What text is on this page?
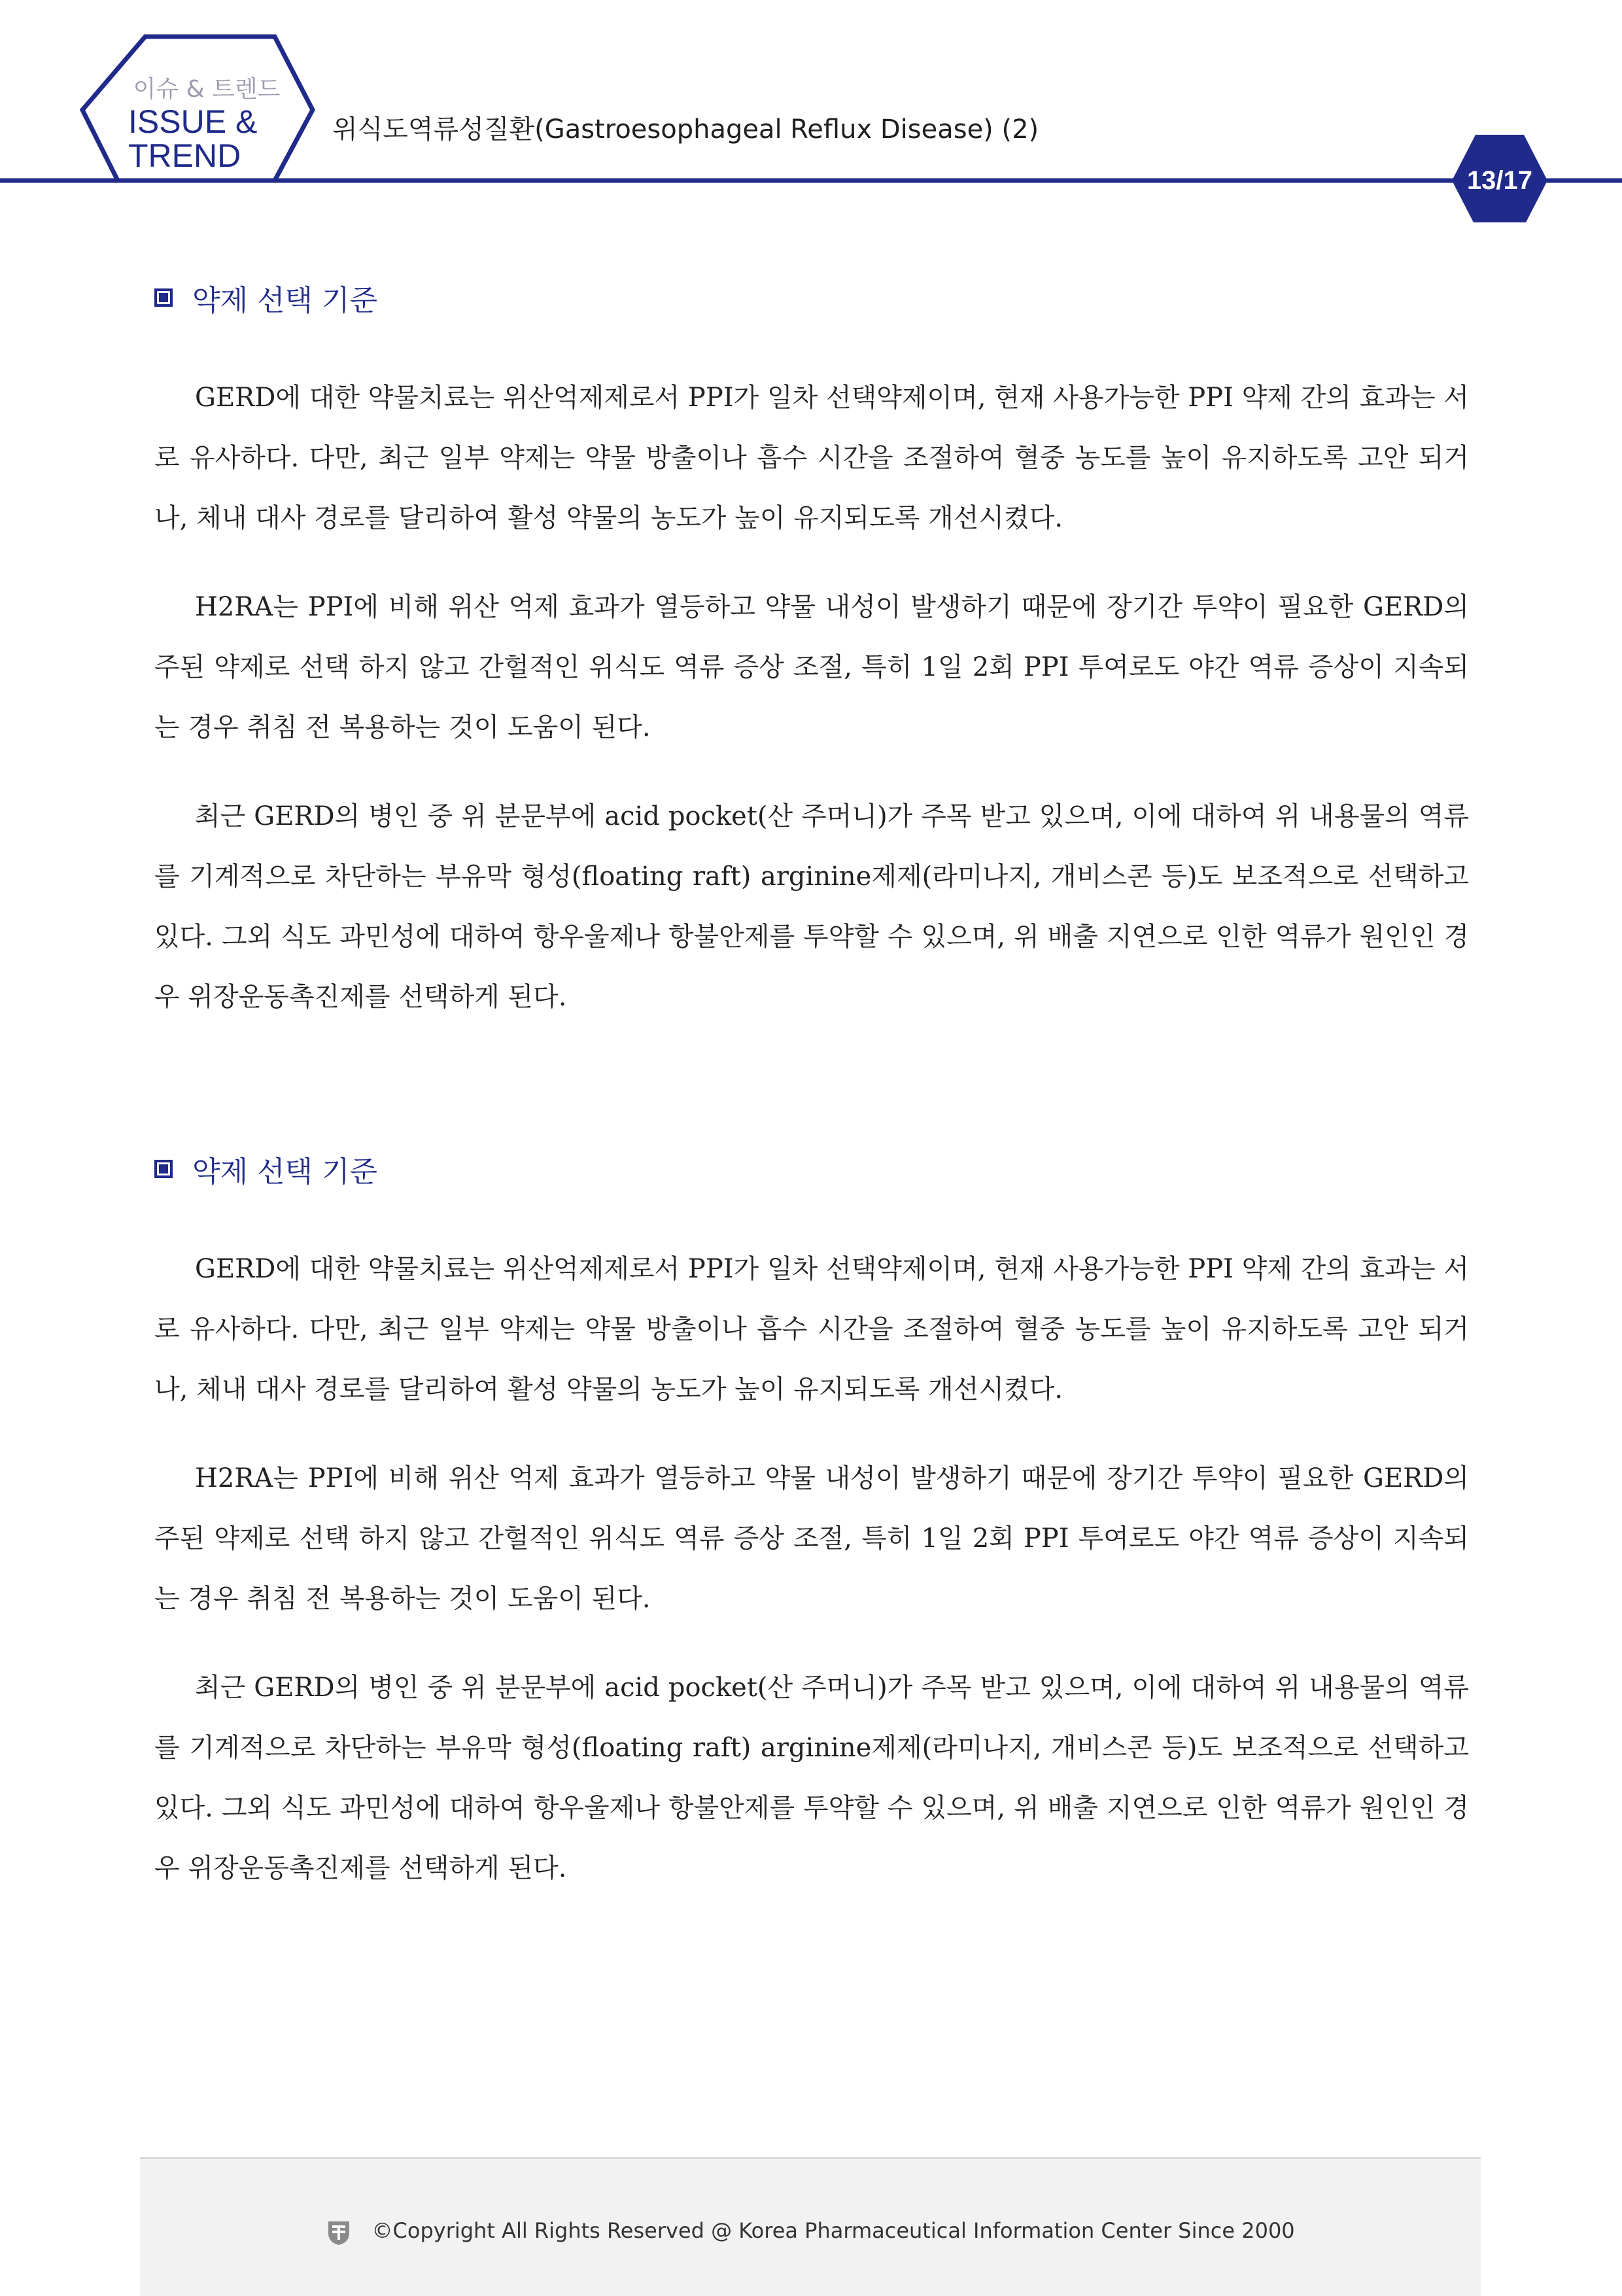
이슈 & 트렌드
ISSUE &
TREND
위식도역류성질환(Gastroesophageal Reflux Disease) (2)
13/17
약제 선택 기준

GERD에 대한 약물치료는 위산억제제로서 PPI가 일차 선택약제이며, 현재 사용가능한 PPI 약제 간의 효과는 서로 유사하다. 다만, 최근 일부 약제는 약물 방출이나 흡수 시간을 조절하여 혈중 농도를 높이 유지하도록 고안 되거나, 체내 대사 경로를 달리하여 활성 약물의 농도가 높이 유지되도록 개선시켰다.

H2RA는 PPI에 비해 위산 억제 효과가 열등하고 약물 내성이 발생하기 때문에 장기간 투약이 필요한 GERD의 주된 약제로 선택 하지 않고 간헐적인 위식도 역류 증상 조절, 특히 1일 2회 PPI 투여로도 야간 역류 증상이 지속되는 경우 취침 전 복용하는 것이 도움이 된다.

최근 GERD의 병인 중 위 분문부에 acid pocket(산 주머니)가 주목 받고 있으며, 이에 대하여 위 내용물의 역류를 기계적으로 차단하는 부유막 형성(floating raft) arginine제제(라미나지, 개비스콘 등)도 보조적으로 선택하고 있다. 그외 식도 과민성에 대하여 항우울제나 항불안제를 투약할 수 있으며, 위 배출 지연으로 인한 역류가 원인인 경우 위장운동촉진제를 선택하게 된다.

약제 선택 기준

GERD에 대한 약물치료는 위산억제제로서 PPI가 일차 선택약제이며, 현재 사용가능한 PPI 약제 간의 효과는 서로 유사하다. 다만, 최근 일부 약제는 약물 방출이나 흡수 시간을 조절하여 혈중 농도를 높이 유지하도록 고안 되거나, 체내 대사 경로를 달리하여 활성 약물의 농도가 높이 유지되도록 개선시켰다.

H2RA는 PPI에 비해 위산 억제 효과가 열등하고 약물 내성이 발생하기 때문에 장기간 투약이 필요한 GERD의 주된 약제로 선택 하지 않고 간헐적인 위식도 역류 증상 조절, 특히 1일 2회 PPI 투여로도 야간 역류 증상이 지속되는 경우 취침 전 복용하는 것이 도움이 된다.

최근 GERD의 병인 중 위 분문부에 acid pocket(산 주머니)가 주목 받고 있으며, 이에 대하여 위 내용물의 역류를 기계적으로 차단하는 부유막 형성(floating raft) arginine제제(라미나지, 개비스콘 등)도 보조적으로 선택하고 있다. 그외 식도 과민성에 대하여 항우울제나 항불안제를 투약할 수 있으며, 위 배출 지연으로 인한 역류가 원인인 경우 위장운동촉진제를 선택하게 된다.

©Copyright All Rights Reserved @ Korea Pharmaceutical Information Center Since 2000
